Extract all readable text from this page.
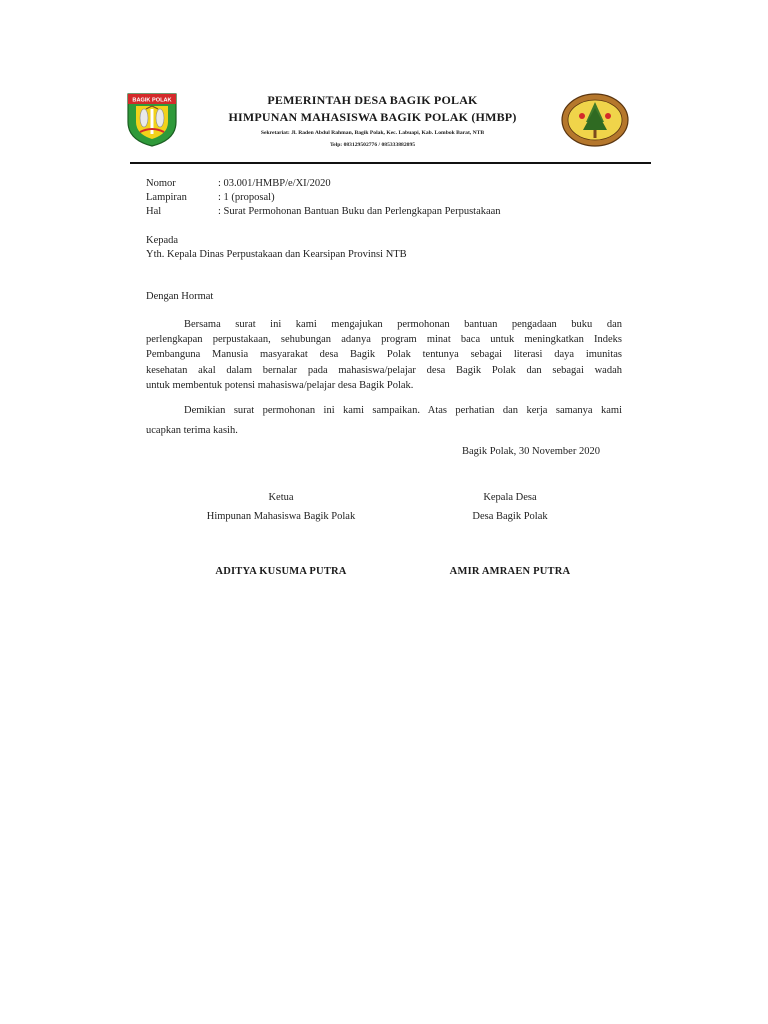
BAGIK POLAK	PEMERINTAH DESA BAGIK POLAK
HIMPUNAN MAHASISWA BAGIK POLAK (HMBP)
Sekretariat: Jl. Raden Abdul Rahman, Bagik Polak, Kec. Labuapi, Kab. Lombok Barat, NTB
Telp: 083129502776 / 085333882095
Nomor	: 03.001/HMBP/e/XI/2020
Lampiran	: 1 (proposal)
Hal	: Surat Permohonan Bantuan Buku dan Perlengkapan Perpustakaan
Kepada
Yth. Kepala Dinas Perpustakaan dan Kearsipan Provinsi NTB
Dengan Hormat
Bersama surat ini kami mengajukan permohonan bantuan pengadaan buku dan
perlengkapan perpustakaan, sehubungan adanya program minat baca untuk meningkatkan Indeks
Pembanguna Manusia masyarakat desa Bagik Polak tentunya sebagai literasi daya imunitas
kesehatan akal dalam bernalar pada mahasiswa/pelajar desa Bagik Polak dan sebagai wadah
untuk membentuk potensi mahasiswa/pelajar desa Bagik Polak.
Demikian surat permohonan ini kami sampaikan. Atas perhatian dan kerja samanya kami
ucapkan terima kasih.
Bagik Polak, 30 November 2020
Ketua
Himpunan Mahasiswa Bagik Polak
ADITYA KUSUMA PUTRA
Kepala Desa
Desa Bagik Polak
AMIR AMRAEN PUTRA
